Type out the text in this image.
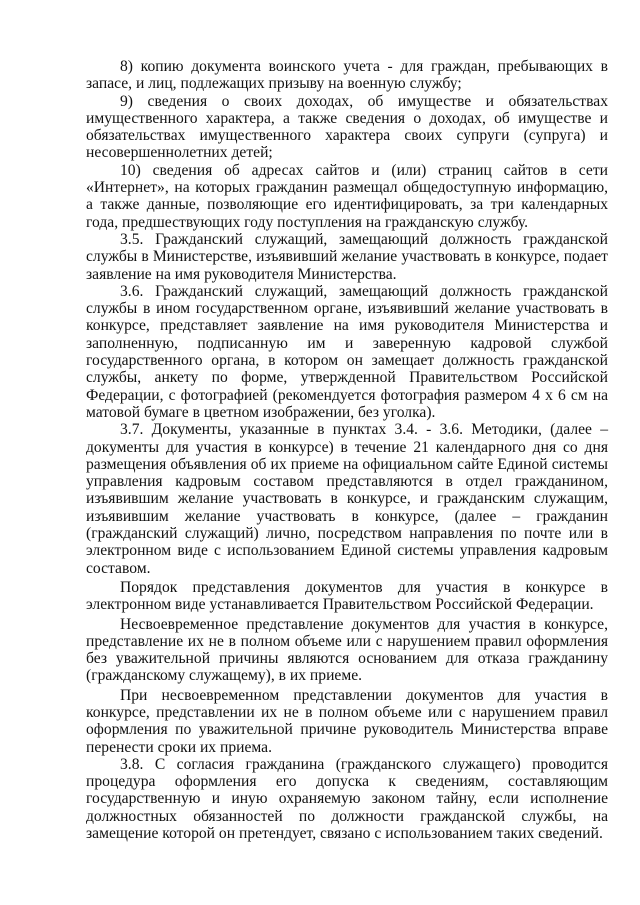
8) копию документа воинского учета - для граждан, пребывающих в запасе, и лиц, подлежащих призыву на военную службу;

9) сведения о своих доходах, об имуществе и обязательствах имущественного характера, а также сведения о доходах, об имуществе и обязательствах имущественного характера своих супруги (супруга) и несовершеннолетних детей;

10) сведения об адресах сайтов и (или) страниц сайтов в сети «Интернет», на которых гражданин размещал общедоступную информацию, а также данные, позволяющие его идентифицировать, за три календарных года, предшествующих году поступления на гражданскую службу.

3.5. Гражданский служащий, замещающий должность гражданской службы в Министерстве, изъявивший желание участвовать в конкурсе, подает заявление на имя руководителя Министерства.

3.6. Гражданский служащий, замещающий должность гражданской службы в ином государственном органе, изъявивший желание участвовать в конкурсе, представляет заявление на имя руководителя Министерства и заполненную, подписанную им и заверенную кадровой службой государственного органа, в котором он замещает должность гражданской службы, анкету по форме, утвержденной Правительством Российской Федерации, с фотографией (рекомендуется фотография размером 4 х 6 см на матовой бумаге в цветном изображении, без уголка).

3.7. Документы, указанные в пунктах 3.4. - 3.6. Методики, (далее – документы для участия в конкурсе) в течение 21 календарного дня со дня размещения объявления об их приеме на официальном сайте Единой системы управления кадровым составом представляются в отдел гражданином, изъявившим желание участвовать в конкурсе, и гражданским служащим, изъявившим желание участвовать в конкурсе, (далее – гражданин (гражданский служащий) лично, посредством направления по почте или в электронном виде с использованием Единой системы управления кадровым составом.

Порядок представления документов для участия в конкурсе в электронном виде устанавливается Правительством Российской Федерации.

Несвоевременное представление документов для участия в конкурсе, представление их не в полном объеме или с нарушением правил оформления без уважительной причины являются основанием для отказа гражданину (гражданскому служащему), в их приеме.

При несвоевременном представлении документов для участия в конкурсе, представлении их не в полном объеме или с нарушением правил оформления по уважительной причине руководитель Министерства вправе перенести сроки их приема.

3.8. С согласия гражданина (гражданского служащего) проводится процедура оформления его допуска к сведениям, составляющим государственную и иную охраняемую законом тайну, если исполнение должностных обязанностей по должности гражданской службы, на замещение которой он претендует, связано с использованием таких сведений.
